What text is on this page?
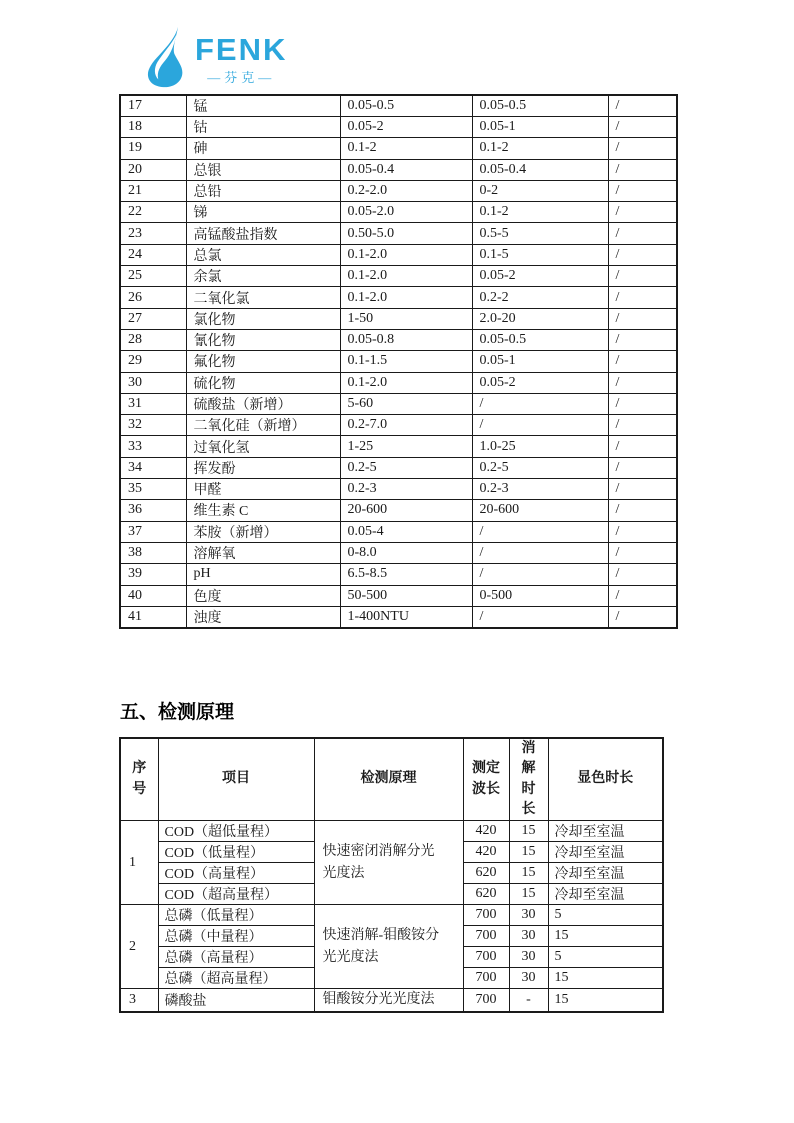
FENK
—芬克—
17	锰	0.05-0.5	0.05-0.5	/
18	钴	0.05-2	0.05-1	/
19	砷	0.1-2	0.1-2	/
20	总银	0.05-0.4	0.05-0.4	/
21	总铅	0.2-2.0	0-2	/
22	锑	0.05-2.0	0.1-2	/
23	高锰酸盐指数	0.50-5.0	0.5-5	/
24	总氯	0.1-2.0	0.1-5	/
25	余氯	0.1-2.0	0.05-2	/
26	二氧化氯	0.1-2.0	0.2-2	/
27	氯化物	1-50	2.0-20	/
28	氰化物	0.05-0.8	0.05-0.5	/
29	氟化物	0.1-1.5	0.05-1	/
30	硫化物	0.1-2.0	0.05-2	/
31	硫酸盐（新增）	5-60	/	/
32	二氧化硅（新增）	0.2-7.0	/	/
33	过氧化氢	1-25	1.0-25	/
34	挥发酚	0.2-5	0.2-5	/
35	甲醛	0.2-3	0.2-3	/
36	维生素 C	20-600	20-600	/
37	苯胺（新增）	0.05-4	/	/
38	溶解氧	0-8.0	/	/
39	pH	6.5-8.5	/	/
40	色度	50-500	0-500	/
41	浊度	1-400NTU	/	/
五、检测原理
序号	项目	检测原理	测定波长	消解时长	显色时长
1	COD（超低量程）	快速密闭消解分光光度法	420	15	冷却至室温
	COD（低量程）		420	15	冷却至室温
	COD（高量程）		620	15	冷却至室温
	COD（超高量程）		620	15	冷却至室温
2	总磷（低量程）	快速消解-钼酸铵分光光度法	700	30	5
	总磷（中量程）		700	30	15
	总磷（高量程）		700	30	5
	总磷（超高量程）		700	30	15
3	磷酸盐	钼酸铵分光光度法	700	-	15
